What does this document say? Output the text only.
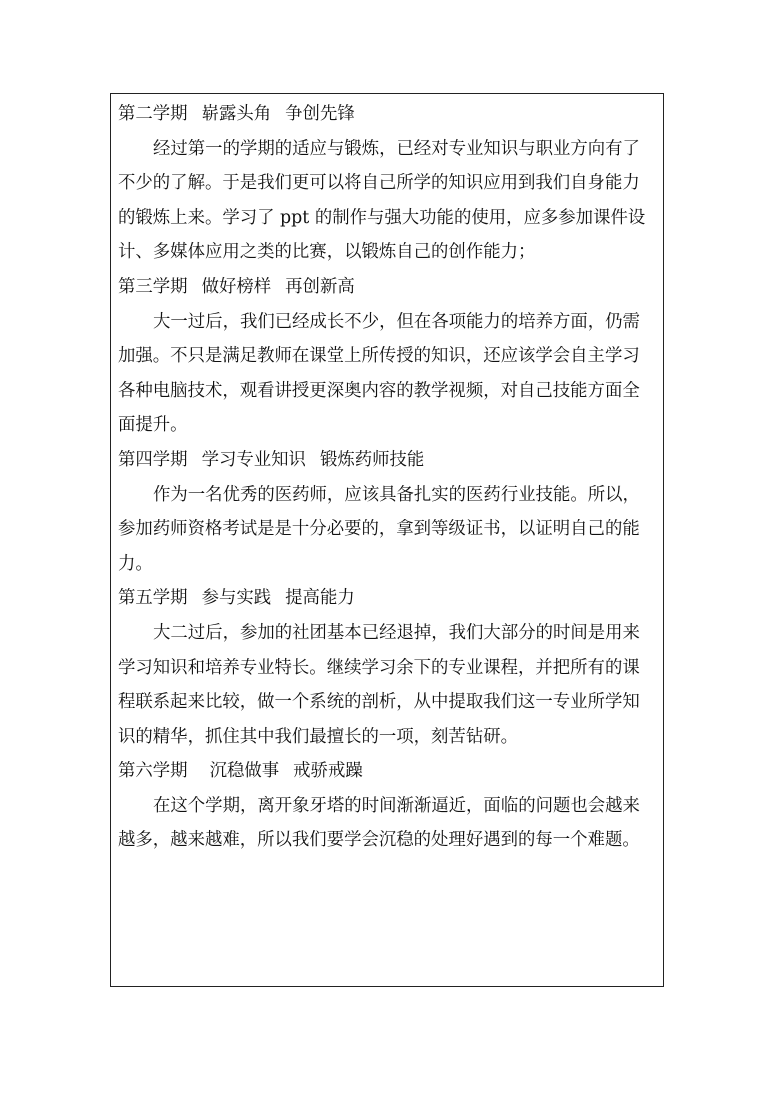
第二学期 崭露头角 争创先锋
经过第一的学期的适应与锻炼，已经对专业知识与职业方向有了
不少的了解。于是我们更可以将自己所学的知识应用到我们自身能力
的锻炼上来。学习了 ppt 的制作与强大功能的使用，应多参加课件设
计、多媒体应用之类的比赛，以锻炼自己的创作能力；
第三学期 做好榜样 再创新高
大一过后，我们已经成长不少，但在各项能力的培养方面，仍需
加强。不只是满足教师在课堂上所传授的知识，还应该学会自主学习
各种电脑技术，观看讲授更深奥内容的教学视频，对自己技能方面全
面提升。
第四学期 学习专业知识 锻炼药师技能
作为一名优秀的医药师，应该具备扎实的医药行业技能。所以，
参加药师资格考试是是十分必要的，拿到等级证书，以证明自己的能
力。
第五学期 参与实践 提高能力
大二过后，参加的社团基本已经退掉，我们大部分的时间是用来
学习知识和培养专业特长。继续学习余下的专业课程，并把所有的课
程联系起来比较，做一个系统的剖析，从中提取我们这一专业所学知
识的精华，抓住其中我们最擅长的一项，刻苦钻研。
第六学期 沉稳做事 戒骄戒躁
在这个学期，离开象牙塔的时间渐渐逼近，面临的问题也会越来
越多，越来越难，所以我们要学会沉稳的处理好遇到的每一个难题。
